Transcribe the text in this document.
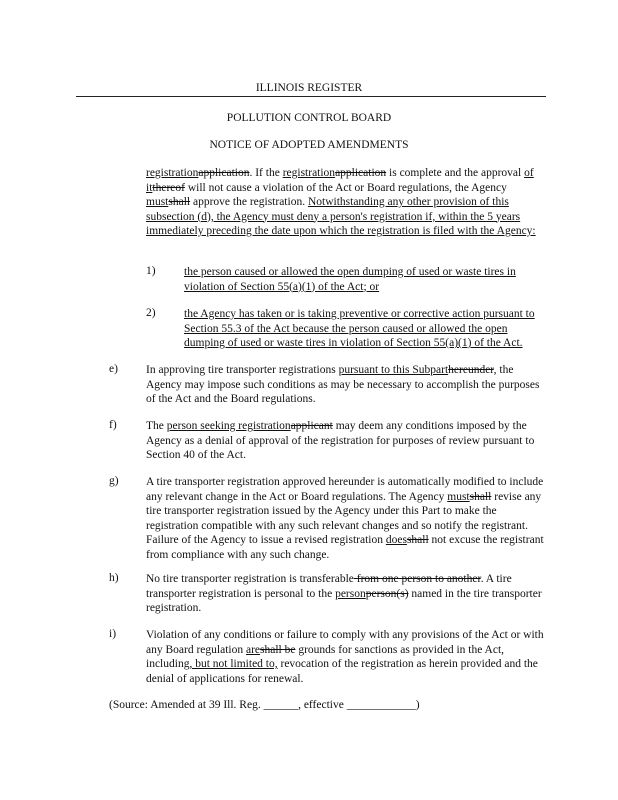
ILLINOIS REGISTER
POLLUTION CONTROL BOARD
NOTICE OF ADOPTED AMENDMENTS
registrationapplication. If the registrationapplication is complete and the approval of itthereof will not cause a violation of the Act or Board regulations, the Agency mustshall approve the registration. Notwithstanding any other provision of this subsection (d), the Agency must deny a person's registration if, within the 5 years immediately preceding the date upon which the registration is filed with the Agency:
1) the person caused or allowed the open dumping of used or waste tires in violation of Section 55(a)(1) of the Act; or
2) the Agency has taken or is taking preventive or corrective action pursuant to Section 55.3 of the Act because the person caused or allowed the open dumping of used or waste tires in violation of Section 55(a)(1) of the Act.
e) In approving tire transporter registrations pursuant to this Subparthereunder, the Agency may impose such conditions as may be necessary to accomplish the purposes of the Act and the Board regulations.
f)	The person seeking registrationapplicant may deem any conditions imposed by the Agency as a denial of approval of the registration for purposes of review pursuant to Section 40 of the Act.
g) A tire transporter registration approved hereunder is automatically modified to include any relevant change in the Act or Board regulations. The Agency mustshall revise any tire transporter registration issued by the Agency under this Part to make the registration compatible with any such relevant changes and so notify the registrant. Failure of the Agency to issue a revised registration doesshall not excuse the registrant from compliance with any such change.
h) No tire transporter registration is transferable from one person to another. A tire transporter registration is personal to the personperson(s) named in the tire transporter registration.
i)	Violation of any conditions or failure to comply with any provisions of the Act or with any Board regulation areshall be grounds for sanctions as provided in the Act, including, but not limited to, revocation of the registration as herein provided and the denial of applications for renewal.
(Source: Amended at 39 Ill. Reg. ______, effective ____________)
